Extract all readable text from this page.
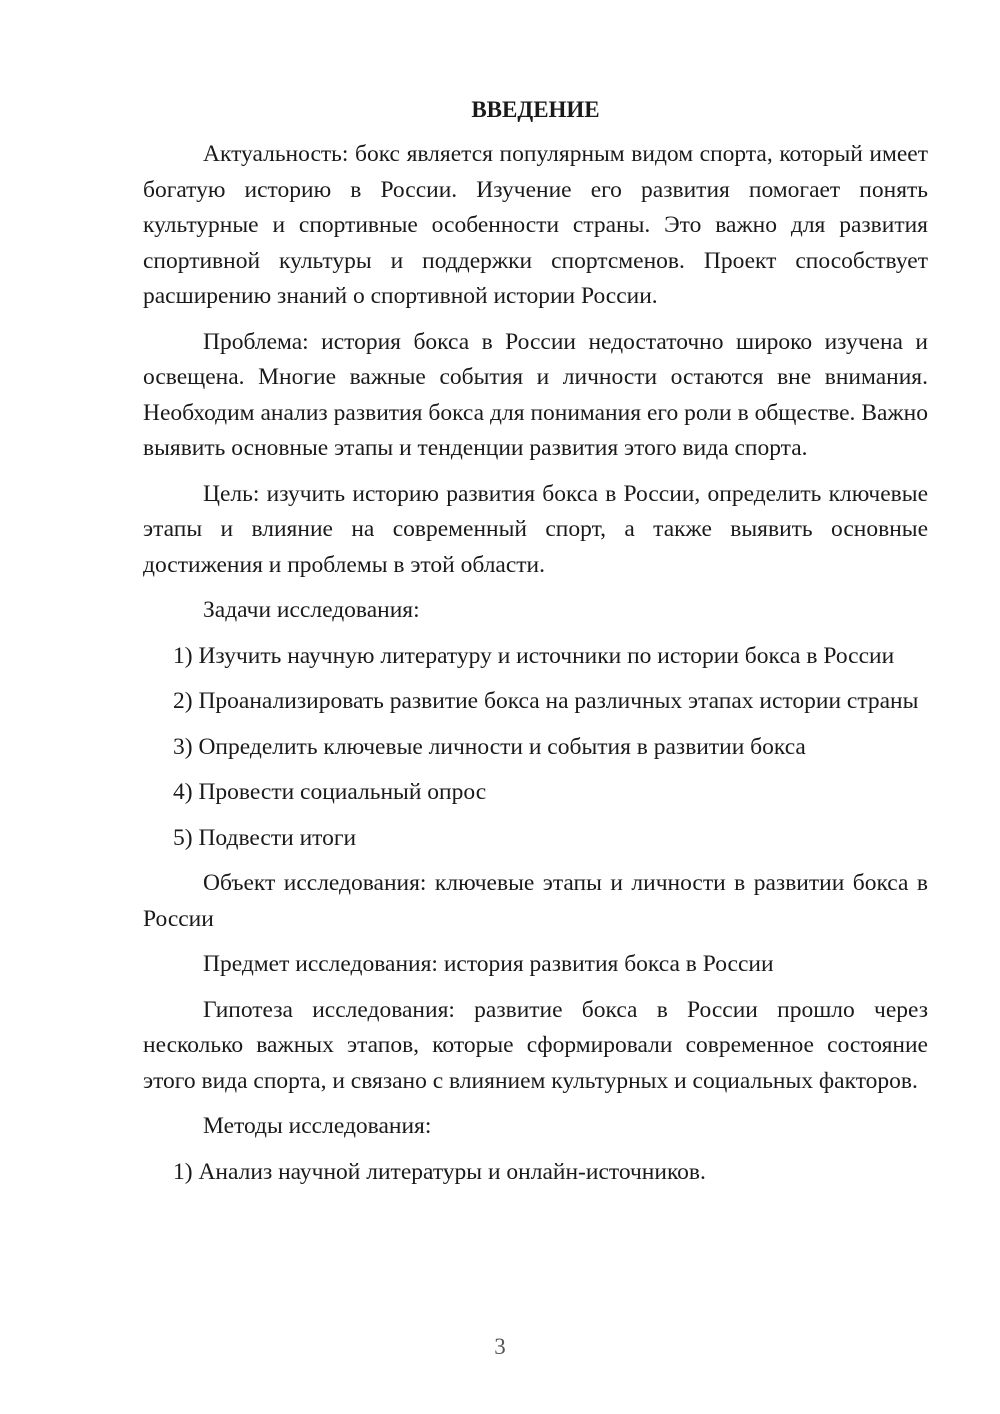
ВВЕДЕНИЕ

Актуальность: бокс является популярным видом спорта, который имеет богатую историю в России. Изучение его развития помогает понять культурные и спортивные особенности страны. Это важно для развития спортивной культуры и поддержки спортсменов. Проект способствует расширению знаний о спортивной истории России.

Проблема: история бокса в России недостаточно широко изучена и освещена. Многие важные события и личности остаются вне внимания. Необходим анализ развития бокса для понимания его роли в обществе. Важно выявить основные этапы и тенденции развития этого вида спорта.

Цель: изучить историю развития бокса в России, определить ключевые этапы и влияние на современный спорт, а также выявить основные достижения и проблемы в этой области.

Задачи исследования:

1) Изучить научную литературу и источники по истории бокса в России

2) Проанализировать развитие бокса на различных этапах истории страны

3) Определить ключевые личности и события в развитии бокса

4) Провести социальный опрос

5) Подвести итоги

Объект исследования: ключевые этапы и личности в развитии бокса в России

Предмет исследования: история развития бокса в России

Гипотеза исследования: развитие бокса в России прошло через несколько важных этапов, которые сформировали современное состояние этого вида спорта, и связано с влиянием культурных и социальных факторов.

Методы исследования:

1) Анализ научной литературы и онлайн-источников.

3
